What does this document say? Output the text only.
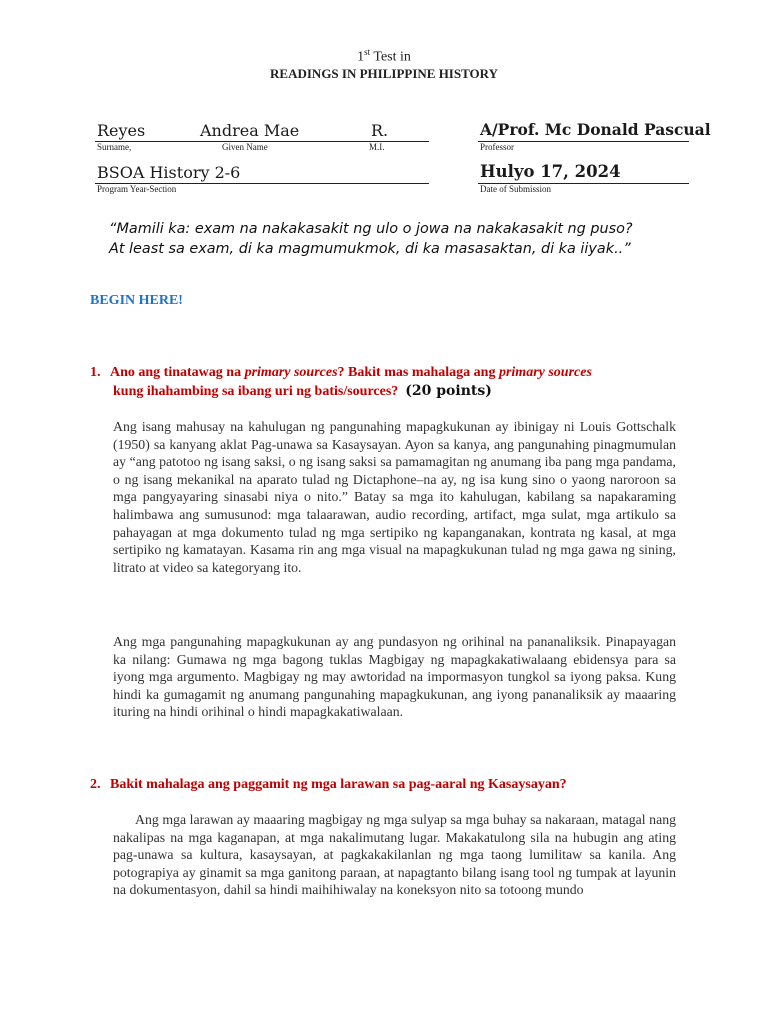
1st Test in
READINGS IN PHILIPPINE HISTORY
Reyes	Andrea Mae	R.
Surname,	Given Name	M.I.
BSOA History 2-6
Program Year-Section
A/Prof. Mc Donald Pascual
Professor
Hulyo 17, 2024
Date of Submission
“Mamili ka: exam na nakakasakit ng ulo o jowa na nakakasakit ng puso?
At least sa exam, di ka magmumukmok, di ka masasaktan, di ka iiyak..”
BEGIN HERE!
1. Ano ang tinatawag na primary sources? Bakit mas mahalaga ang primary sources
kung ihahambing sa ibang uri ng batis/sources? (20 points)
Ang isang mahusay na kahulugan ng pangunahing mapagkukunan ay ibinigay ni Louis Gottschalk (1950) sa kanyang aklat Pag-unawa sa Kasaysayan. Ayon sa kanya, ang pangunahing pinagmumulan ay “ang patotoo ng isang saksi, o ng isang saksi sa pamamagitan ng anumang iba pang mga pandama, o ng isang mekanikal na aparato tulad ng Dictaphone–na ay, ng isa kung sino o yaong naroroon sa mga pangyayaring sinasabi niya o nito.” Batay sa mga ito kahulugan, kabilang sa napakaraming halimbawa ang sumusunod: mga talaarawan, audio recording, artifact, mga sulat, mga artikulo sa pahayagan at mga dokumento tulad ng mga sertipiko ng kapanganakan, kontrata ng kasal, at mga sertipiko ng kamatayan. Kasama rin ang mga visual na mapagkukunan tulad ng mga gawa ng sining, litrato at video sa kategoryang ito.
Ang mga pangunahing mapagkukunan ay ang pundasyon ng orihinal na pananaliksik. Pinapayagan ka nilang: Gumawa ng mga bagong tuklas Magbigay ng mapagkakatiwalaang ebidensya para sa iyong mga argumento. Magbigay ng may awtoridad na impormasyon tungkol sa iyong paksa. Kung hindi ka gumagamit ng anumang pangunahing mapagkukunan, ang iyong pananaliksik ay maaaring ituring na hindi orihinal o hindi mapagkakatiwalaan.
2. Bakit mahalaga ang paggamit ng mga larawan sa pag-aaral ng Kasaysayan?
Ang mga larawan ay maaaring magbigay ng mga sulyap sa mga buhay sa nakaraan, matagal nang nakalipas na mga kaganapan, at mga nakalimutang lugar. Makakatulong sila na hubugin ang ating pag-unawa sa kultura, kasaysayan, at pagkakakilanlan ng mga taong lumilitaw sa kanila. Ang potograpiya ay ginamit sa mga ganitong paraan, at napagtanto bilang isang tool ng tumpak at layunin na dokumentasyon, dahil sa hindi maihihiwalay na koneksyon nito sa totoong mundo
